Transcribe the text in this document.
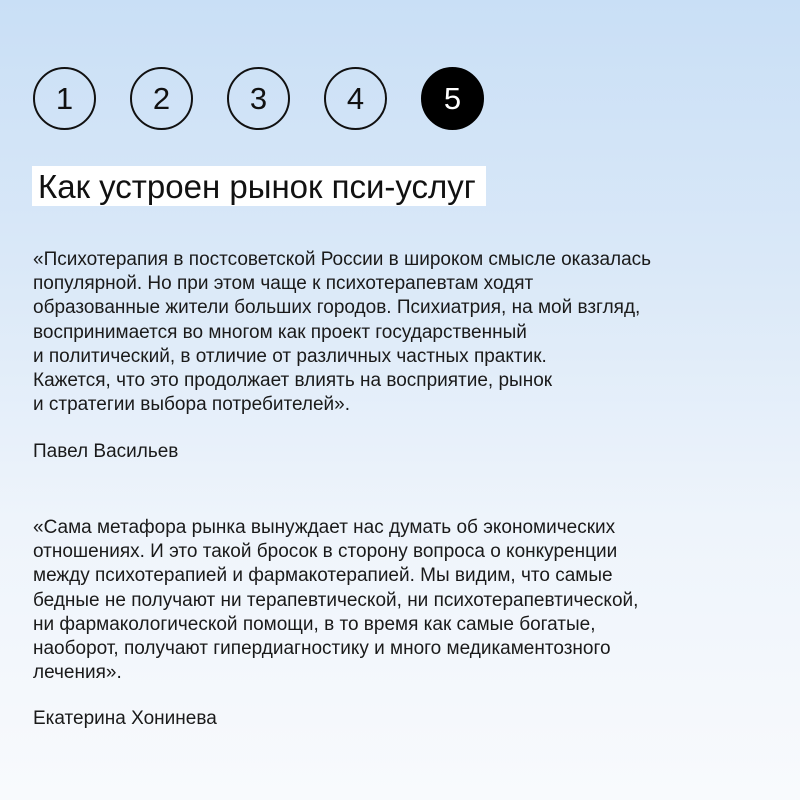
1	2	3	4	5
Как устроен рынок пси-услуг
«Психотерапия в постсоветской России в широком смысле оказалась
популярной. Но при этом чаще к психотерапевтам ходят
образованные жители больших городов. Психиатрия, на мой взгляд,
воспринимается во многом как проект государственный
и политический, в отличие от различных частных практик.
Кажется, что это продолжает влиять на восприятие, рынок
и стратегии выбора потребителей».
Павел Васильев
«Сама метафора рынка вынуждает нас думать об экономических
отношениях. И это такой бросок в сторону вопроса о конкуренции
между психотерапией и фармакотерапией. Мы видим, что самые
бедные не получают ни терапевтической, ни психотерапевтической,
ни фармакологической помощи, в то время как самые богатые,
наоборот, получают гипердиагностику и много медикаментозного
лечения».
Екатерина Хонинева
